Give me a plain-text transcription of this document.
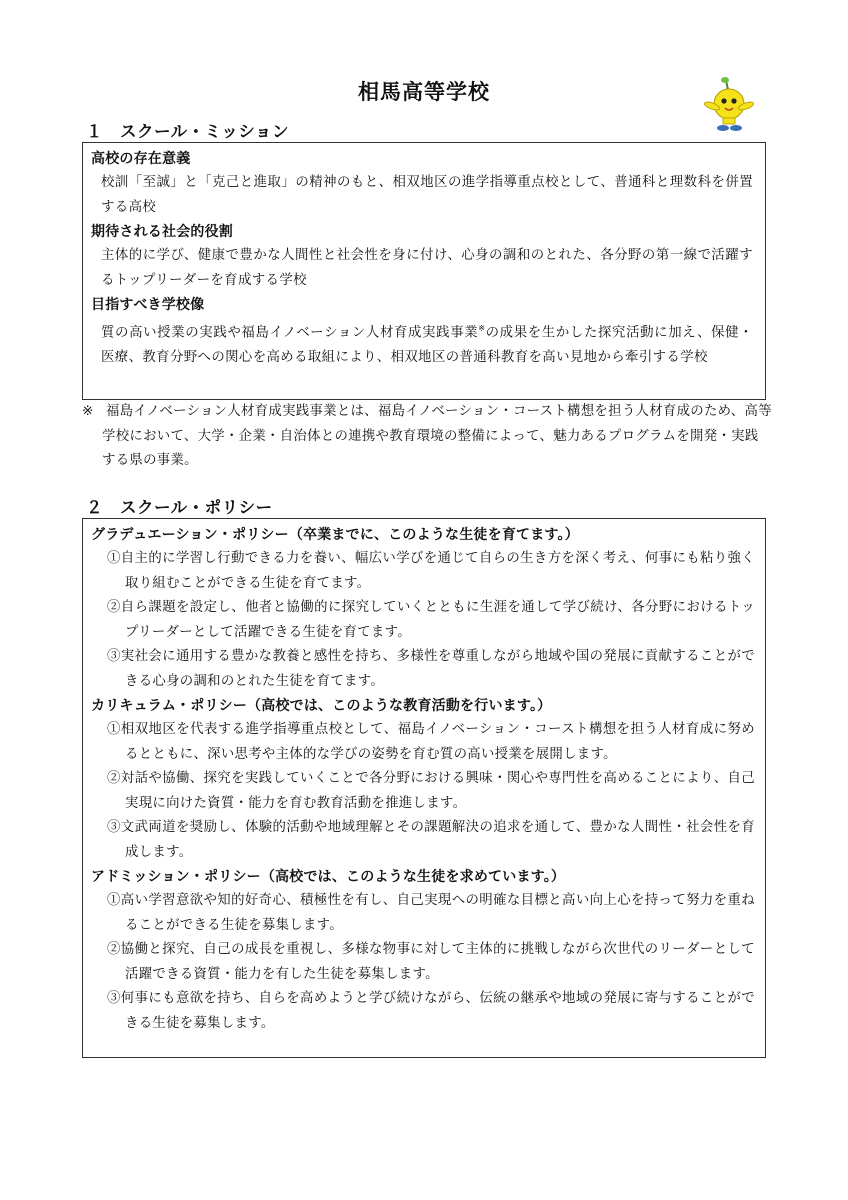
相馬高等学校
１　スクール・ミッション
高校の存在意義
校訓「至誠」と「克己と進取」の精神のもと、相双地区の進学指導重点校として、普通科と理数科を併置する高校
期待される社会的役割
主体的に学び、健康で豊かな人間性と社会性を身に付け、心身の調和のとれた、各分野の第一線で活躍するトップリーダーを育成する学校
目指すべき学校像
質の高い授業の実践や福島イノベーション人材育成実践事業※の成果を生かした探究活動に加え、保健・医療、教育分野への関心を高める取組により、相双地区の普通科教育を高い見地から牽引する学校
※ 福島イノベーション人材育成実践事業とは、福島イノベーション・コースト構想を担う人材育成のため、高等学校において、大学・企業・自治体との連携や教育環境の整備によって、魅力あるプログラムを開発・実践する県の事業。
２　スクール・ポリシー
グラデュエーション・ポリシー（卒業までに、このような生徒を育てます。）
①自主的に学習し行動できる力を養い、幅広い学びを通じて自らの生き方を深く考え、何事にも粘り強く取り組むことができる生徒を育てます。
②自ら課題を設定し、他者と協働的に探究していくとともに生涯を通して学び続け、各分野におけるトップリーダーとして活躍できる生徒を育てます。
③実社会に通用する豊かな教養と感性を持ち、多様性を尊重しながら地域や国の発展に貢献することができる心身の調和のとれた生徒を育てます。
カリキュラム・ポリシー（高校では、このような教育活動を行います。）
①相双地区を代表する進学指導重点校として、福島イノベーション・コースト構想を担う人材育成に努めるとともに、深い思考や主体的な学びの姿勢を育む質の高い授業を展開します。
②対話や協働、探究を実践していくことで各分野における興味・関心や専門性を高めることにより、自己実現に向けた資質・能力を育む教育活動を推進します。
③文武両道を奨励し、体験的活動や地域理解とその課題解決の追求を通して、豊かな人間性・社会性を育成します。
アドミッション・ポリシー（高校では、このような生徒を求めています。）
①高い学習意欲や知的好奇心、積極性を有し、自己実現への明確な目標と高い向上心を持って努力を重ねることができる生徒を募集します。
②協働と探究、自己の成長を重視し、多様な物事に対して主体的に挑戦しながら次世代のリーダーとして活躍できる資質・能力を有した生徒を募集します。
③何事にも意欲を持ち、自らを高めようと学び続けながら、伝統の継承や地域の発展に寄与することができる生徒を募集します。
